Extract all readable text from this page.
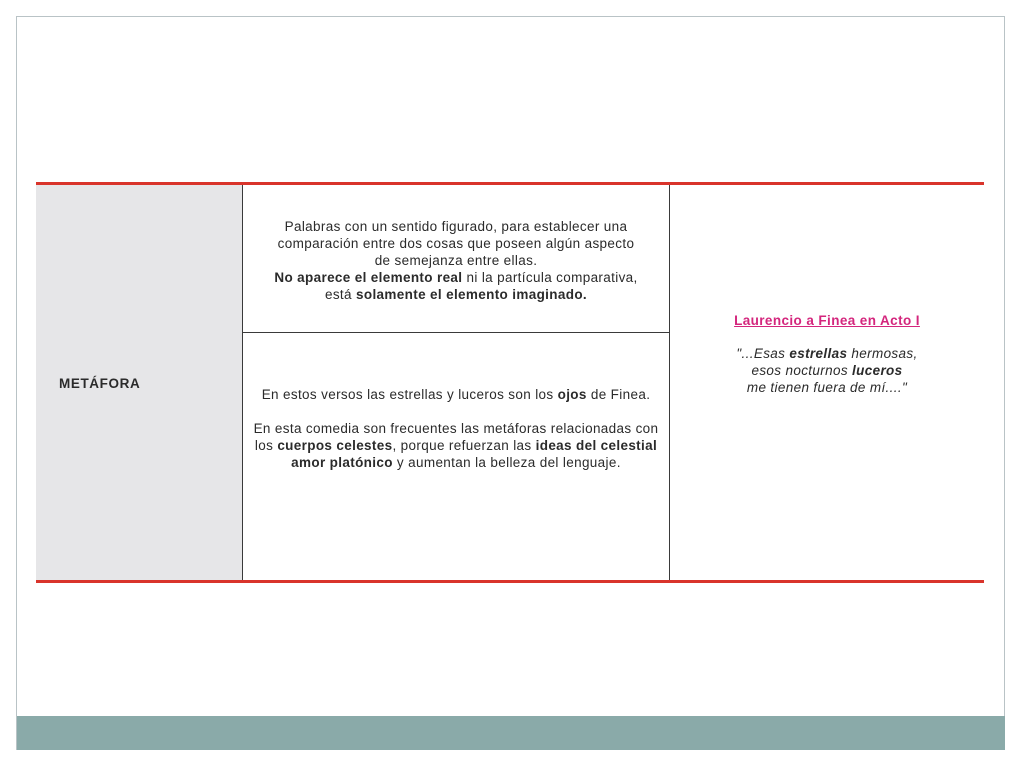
METÁFORA

Palabras con un sentido figurado, para establecer una
comparación entre dos cosas que poseen algún aspecto
de semejanza entre ellas.
No aparece el elemento real ni la partícula comparativa,
está solamente el elemento imaginado.

En estos versos las estrellas y luceros son los ojos de Finea.

En esta comedia son frecuentes las metáforas relacionadas con los cuerpos celestes, porque refuerzan las ideas del celestial amor platónico y aumentan la belleza del lenguaje.

Laurencio a Finea en Acto I
"...Esas estrellas hermosas,
esos nocturnos luceros
me tienen fuera de mí...."
